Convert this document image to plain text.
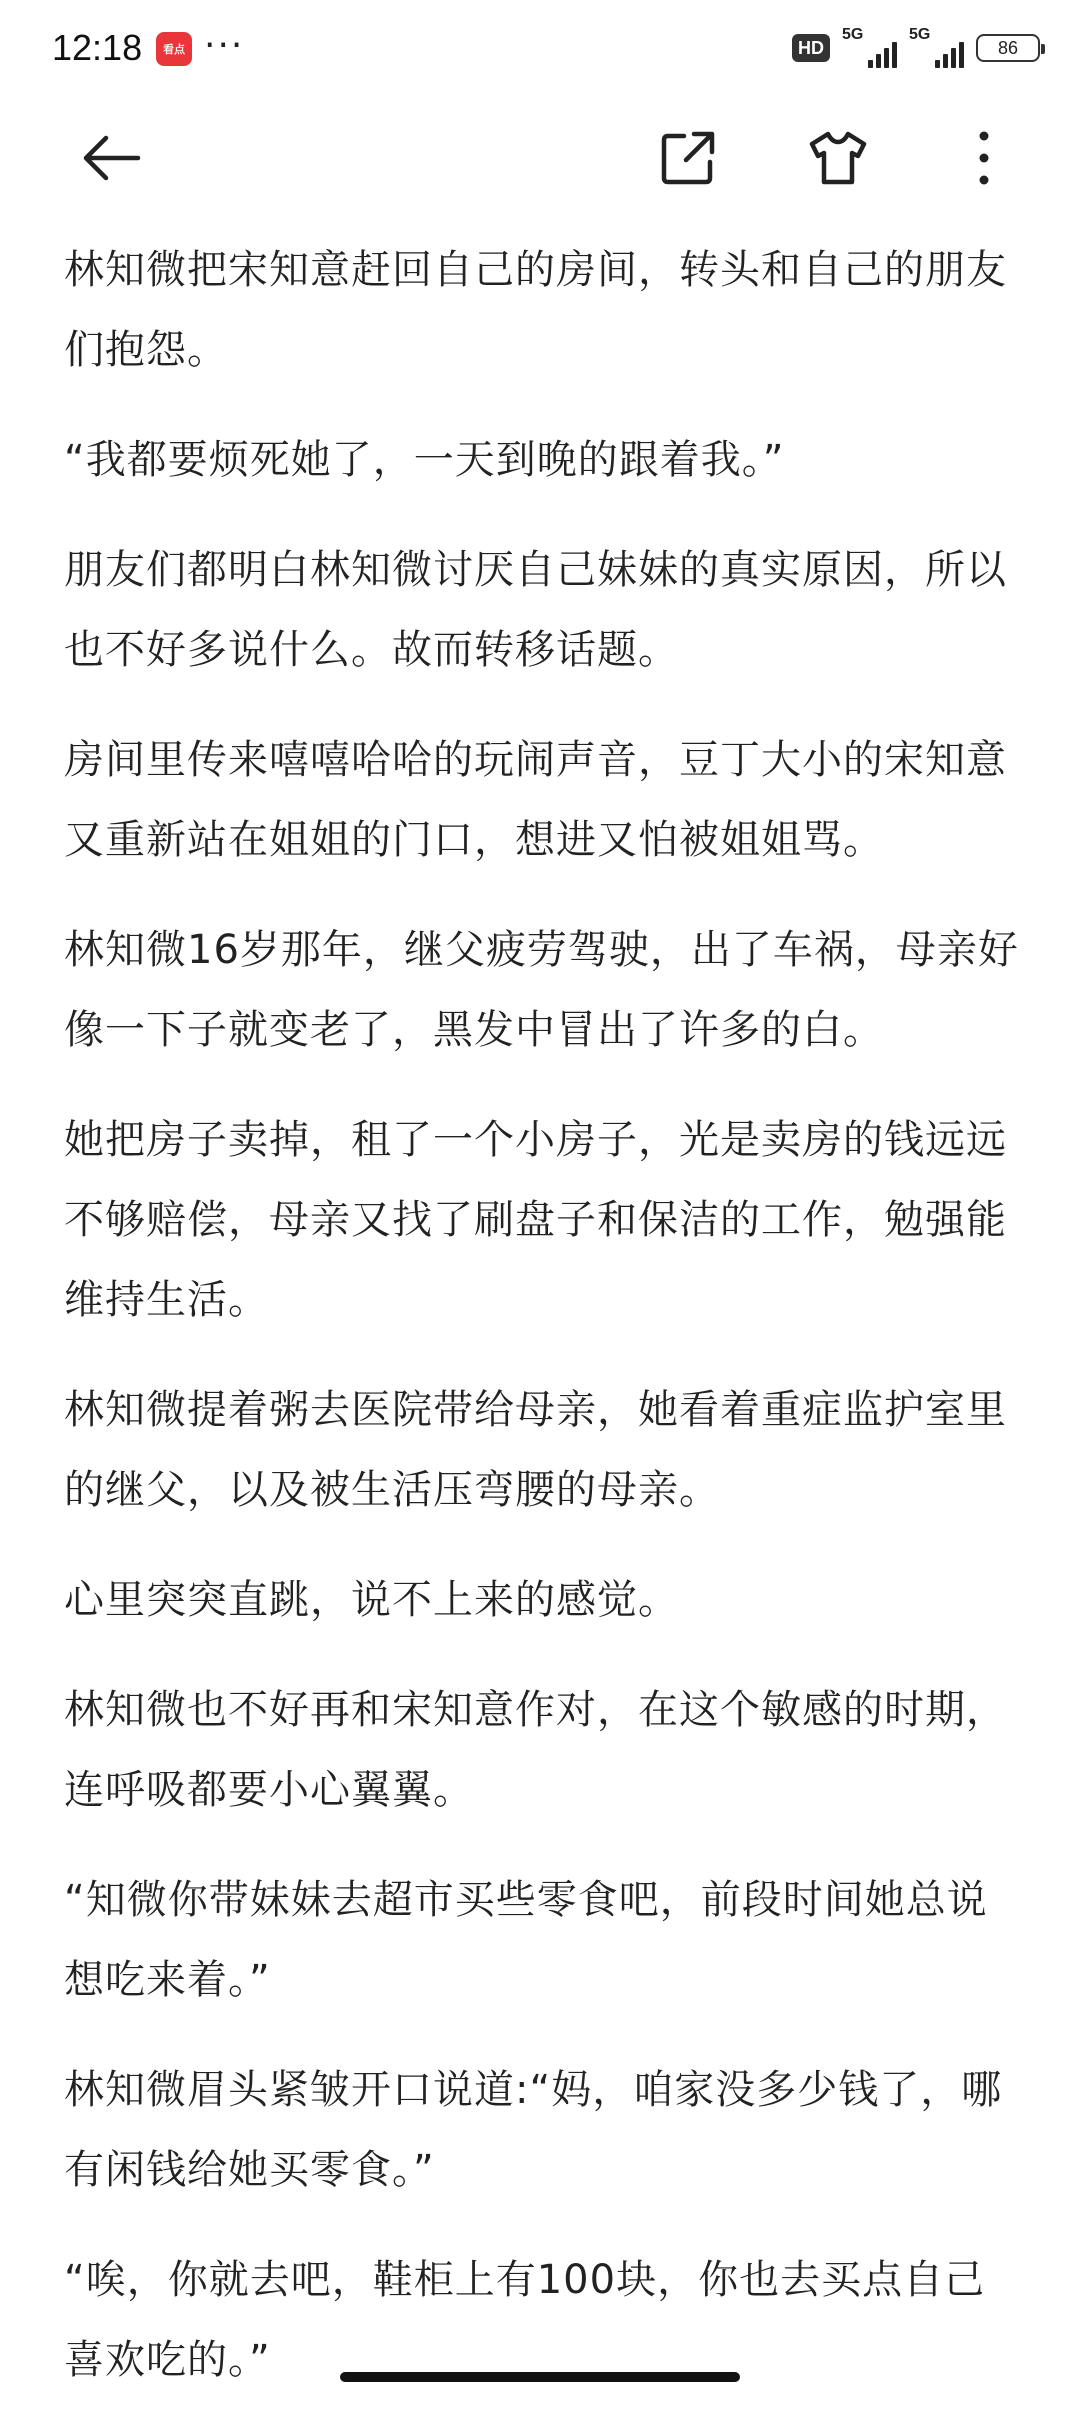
12:18	看点 ···	HD
5G	5G
86

林知微把宋知意赶回自己的房间，转头和自己的朋友们抱怨。

“我都要烦死她了，一天到晚的跟着我。”

朋友们都明白林知微讨厌自己妹妹的真实原因，所以也不好多说什么。故而转移话题。

房间里传来嘻嘻哈哈的玩闹声音，豆丁大小的宋知意又重新站在姐姐的门口，想进又怕被姐姐骂。

林知微16岁那年，继父疲劳驾驶，出了车祸，母亲好像一下子就变老了，黑发中冒出了许多的白。

她把房子卖掉，租了一个小房子，光是卖房的钱远远不够赔偿，母亲又找了刷盘子和保洁的工作，勉强能维持生活。

林知微提着粥去医院带给母亲，她看着重症监护室里的继父，以及被生活压弯腰的母亲。

心里突突直跳，说不上来的感觉。

林知微也不好再和宋知意作对，在这个敏感的时期，连呼吸都要小心翼翼。

“知微你带妹妹去超市买些零食吧，前段时间她总说想吃来着。”

林知微眉头紧皱开口说道:“妈，咱家没多少钱了，哪有闲钱给她买零食。”

“唉，你就去吧，鞋柜上有100块，你也去买点自己喜欢吃的。”
